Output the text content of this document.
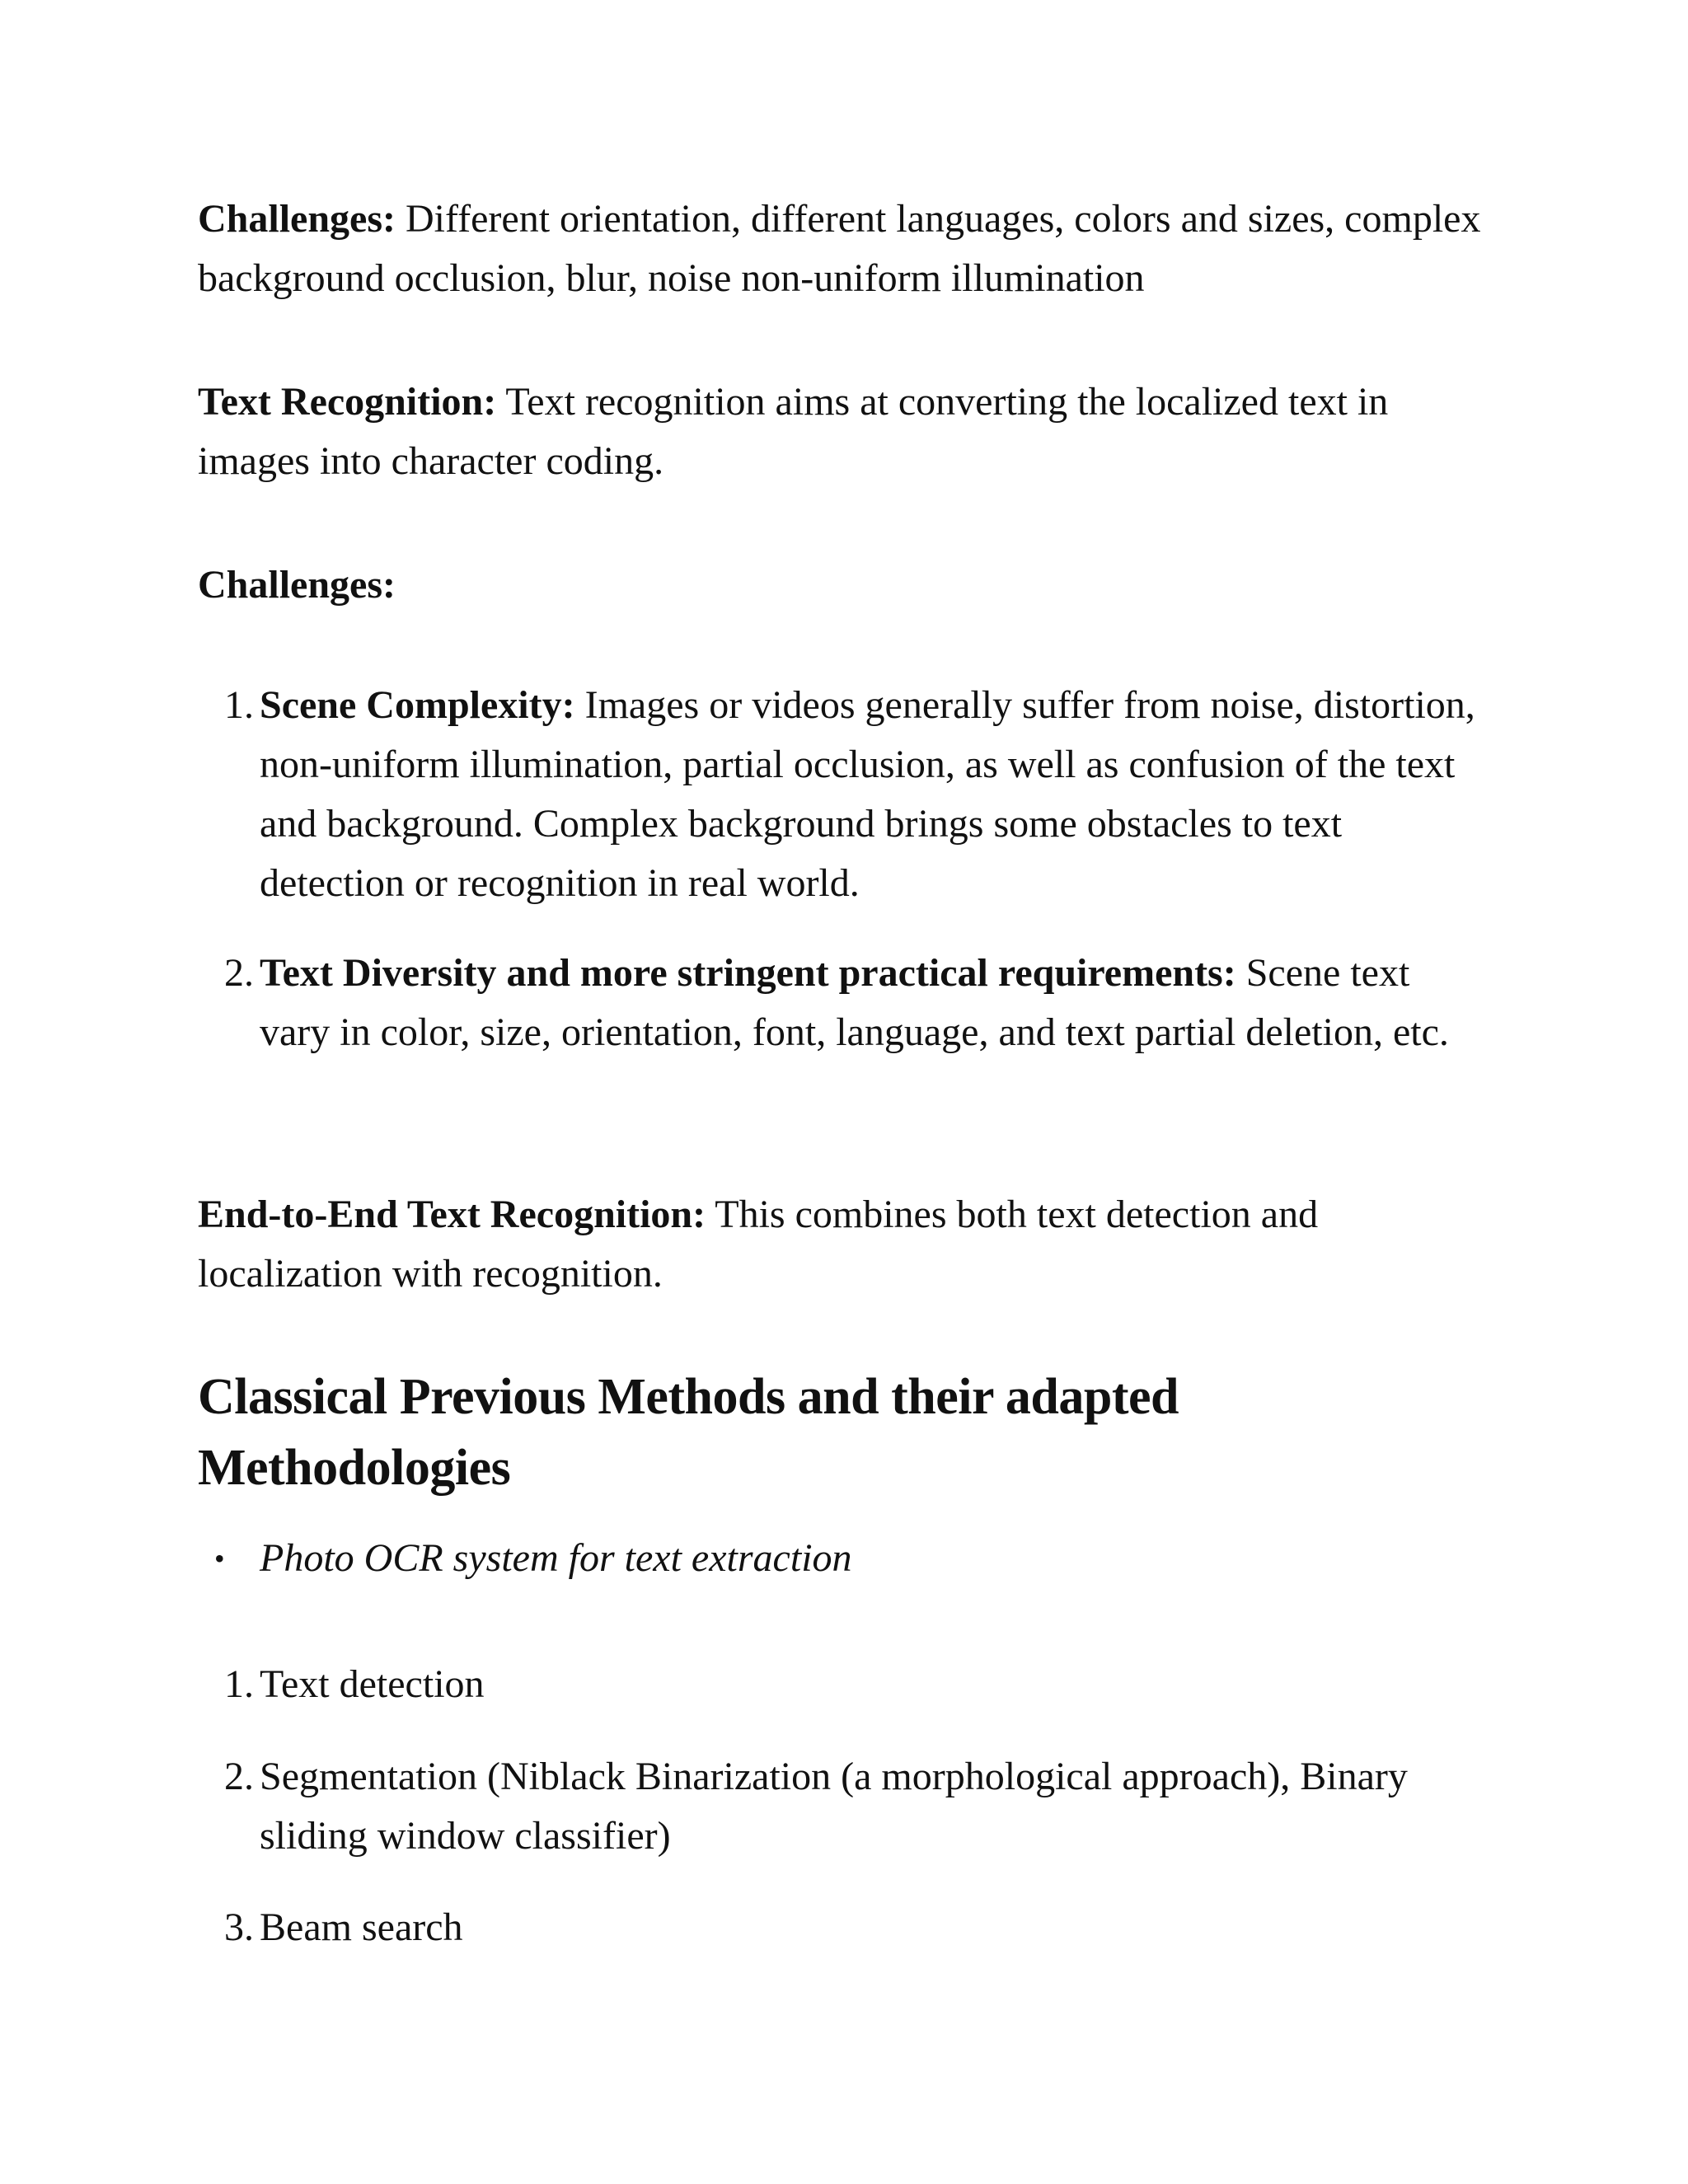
Challenges: Different orientation, different languages, colors and sizes, complex background occlusion, blur, noise non-uniform illumination

Text Recognition: Text recognition aims at converting the localized text in images into character coding.

Challenges:

1. Scene Complexity: Images or videos generally suffer from noise, distortion, non-uniform illumination, partial occlusion, as well as confusion of the text and background. Complex background brings some obstacles to text detection or recognition in real world.
2. Text Diversity and more stringent practical requirements: Scene text vary in color, size, orientation, font, language, and text partial deletion, etc.

End-to-End Text Recognition: This combines both text detection and localization with recognition.

Classical Previous Methods and their adapted Methodologies
• Photo OCR system for text extraction
1. Text detection
2. Segmentation (Niblack Binarization (a morphological approach), Binary sliding window classifier)
3. Beam search
